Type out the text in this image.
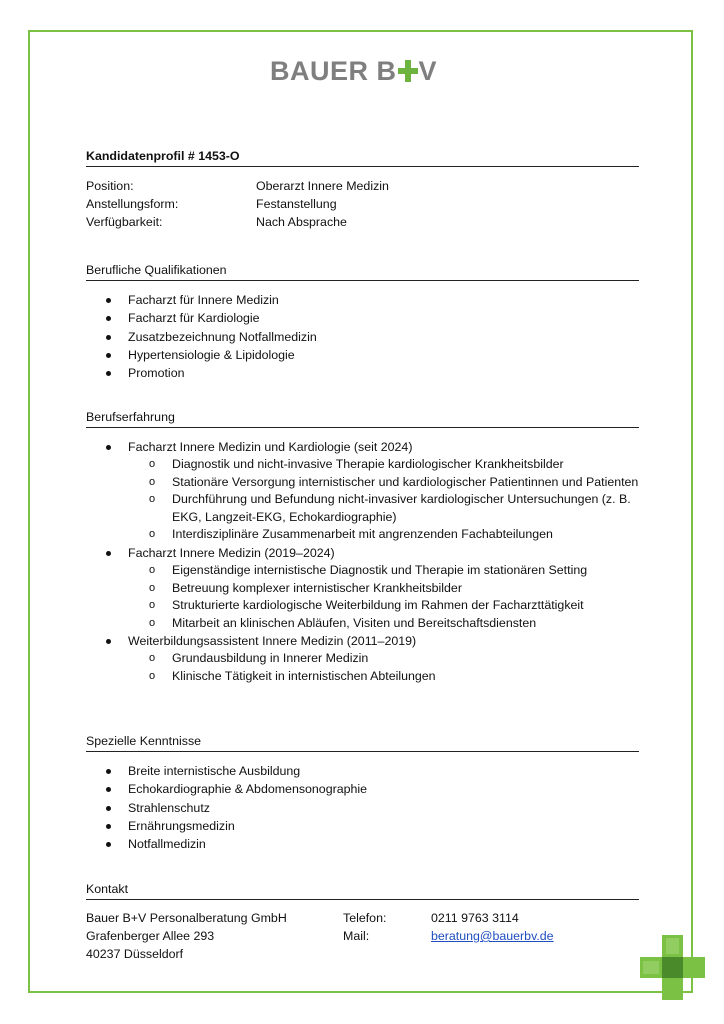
BAUER B V
Kandidatenprofil # 1453-O
Position:	Oberarzt Innere Medizin
Anstellungsform:	Festanstellung
Verfügbarkeit:	Nach Absprache
Berufliche Qualifikationen
Facharzt für Innere Medizin
Facharzt für Kardiologie
Zusatzbezeichnung Notfallmedizin
Hypertensiologie & Lipidologie
Promotion
Berufserfahrung
Facharzt Innere Medizin und Kardiologie (seit 2024)
o Diagnostik und nicht-invasive Therapie kardiologischer Krankheitsbilder
o Stationäre Versorgung internistischer und kardiologischer Patientinnen und Patienten
o Durchführung und Befundung nicht-invasiver kardiologischer Untersuchungen (z. B. EKG, Langzeit-EKG, Echokardiographie)
o Interdisziplinäre Zusammenarbeit mit angrenzenden Fachabteilungen
Facharzt Innere Medizin (2019–2024)
o Eigenständige internistische Diagnostik und Therapie im stationären Setting
o Betreuung komplexer internistischer Krankheitsbilder
o Strukturierte kardiologische Weiterbildung im Rahmen der Facharzttätigkeit
o Mitarbeit an klinischen Abläufen, Visiten und Bereitschaftsdiensten
Weiterbildungsassistent Innere Medizin (2011–2019)
o Grundausbildung in Innerer Medizin
o Klinische Tätigkeit in internistischen Abteilungen
Spezielle Kenntnisse
Breite internistische Ausbildung
Echokardiographie & Abdomensonographie
Strahlenschutz
Ernährungsmedizin
Notfallmedizin
Kontakt
Bauer B+V Personalberatung GmbH
Grafenberger Allee 293
40237 Düsseldorf
Telefon:	0211 9763 3114
Mail:	beratung@bauerbv.de
